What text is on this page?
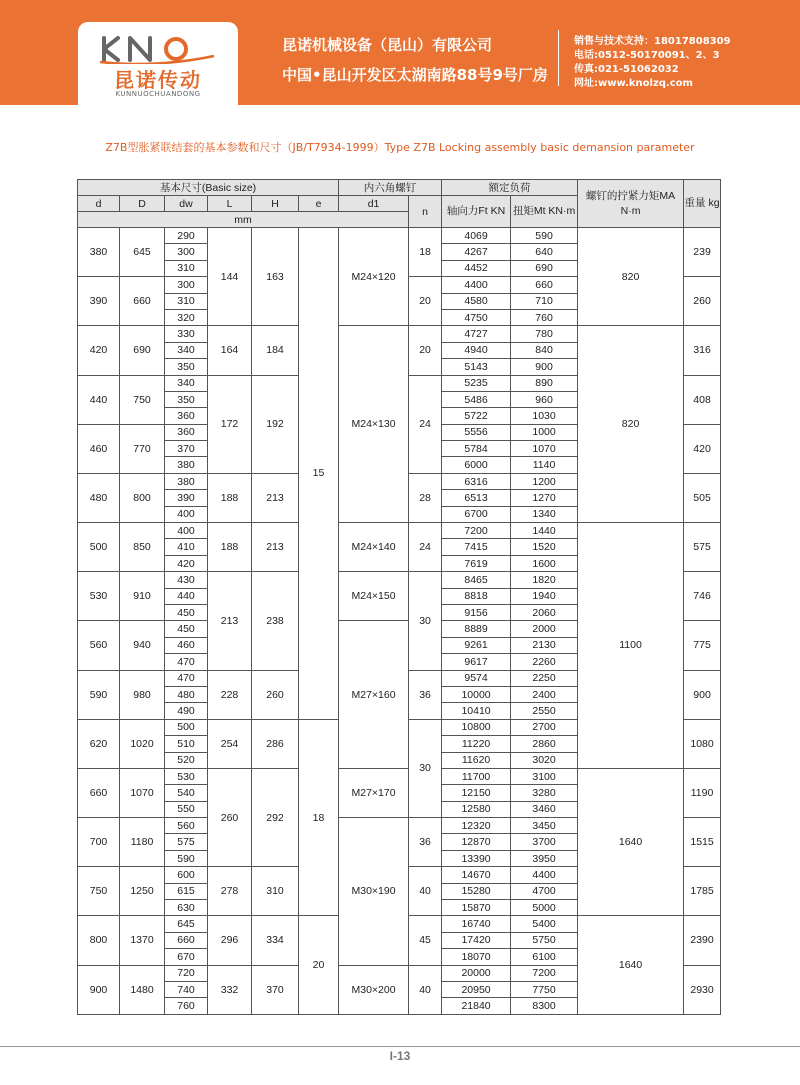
昆诺传动
KUNNUOCHUANDONG
昆诺机械设备（昆山）有限公司
中国•昆山开发区太湖南路88号9号厂房
销售与技术支持：18017808309
电话:0512-50170091、2、3
传真:021-51062032
网址:www.knolzq.com
Z7B型胀紧联结套的基本参数和尺寸（JB/T7934-1999）Type Z7B Locking assembly basic demansion parameter
基本尺寸(Basic size)						内六角螺钉		额定负荷		螺钉的拧紧力矩MA N·m	重量 kg
d	D	dw	L	H	e	d1	n	轴向力Ft KN	扭矩Mt KN·m		
mm											
380	645	290	144	163	15	M24×120	18	4069	590	820	239
		300						4267	640		
		310						4452	690		
390	660	300					20	4400	660		260
		310						4580	710		
		320						4750	760		
420	690	330	164	184		M24×130	20	4727	780	820	316
		340						4940	840		
		350						5143	900		
440	750	340	172	192			24	5235	890		408
		350						5486	960		
		360						5722	1030		
460	770	360						5556	1000		420
		370						5784	1070		
		380						6000	1140		
480	800	380	188	213			28	6316	1200		505
		390						6513	1270		
		400						6700	1340		
500	850	400	188	213		M24×140	24	7200	1440	1100	575
		410						7415	1520		
		420						7619	1600		
530	910	430	213	238		M24×150	30	8465	1820		746
		440						8818	1940		
		450						9156	2060		
560	940	450				M27×160		8889	2000		775
		460						9261	2130		
		470						9617	2260		
590	980	470	228	260			36	9574	2250		900
		480						10000	2400		
		490						10410	2550		
620	1020	500	254	286	18		30	10800	2700		1080
		510						11220	2860		
		520						11620	3020		
660	1070	530	260	292		M27×170		11700	3100	1640	1190
		540						12150	3280		
		550						12580	3460		
700	1180	560				M30×190	36	12320	3450		1515
		575						12870	3700		
		590						13390	3950		
750	1250	600	278	310			40	14670	4400		1785
		615						15280	4700		
		630						15870	5000		
800	1370	645	296	334	20		45	16740	5400	1640	2390
		660						17420	5750		
		670						18070	6100		
900	1480	720	332	370		M30×200	40	20000	7200		2930
		740						20950	7750		
		760						21840	8300		
I-13
